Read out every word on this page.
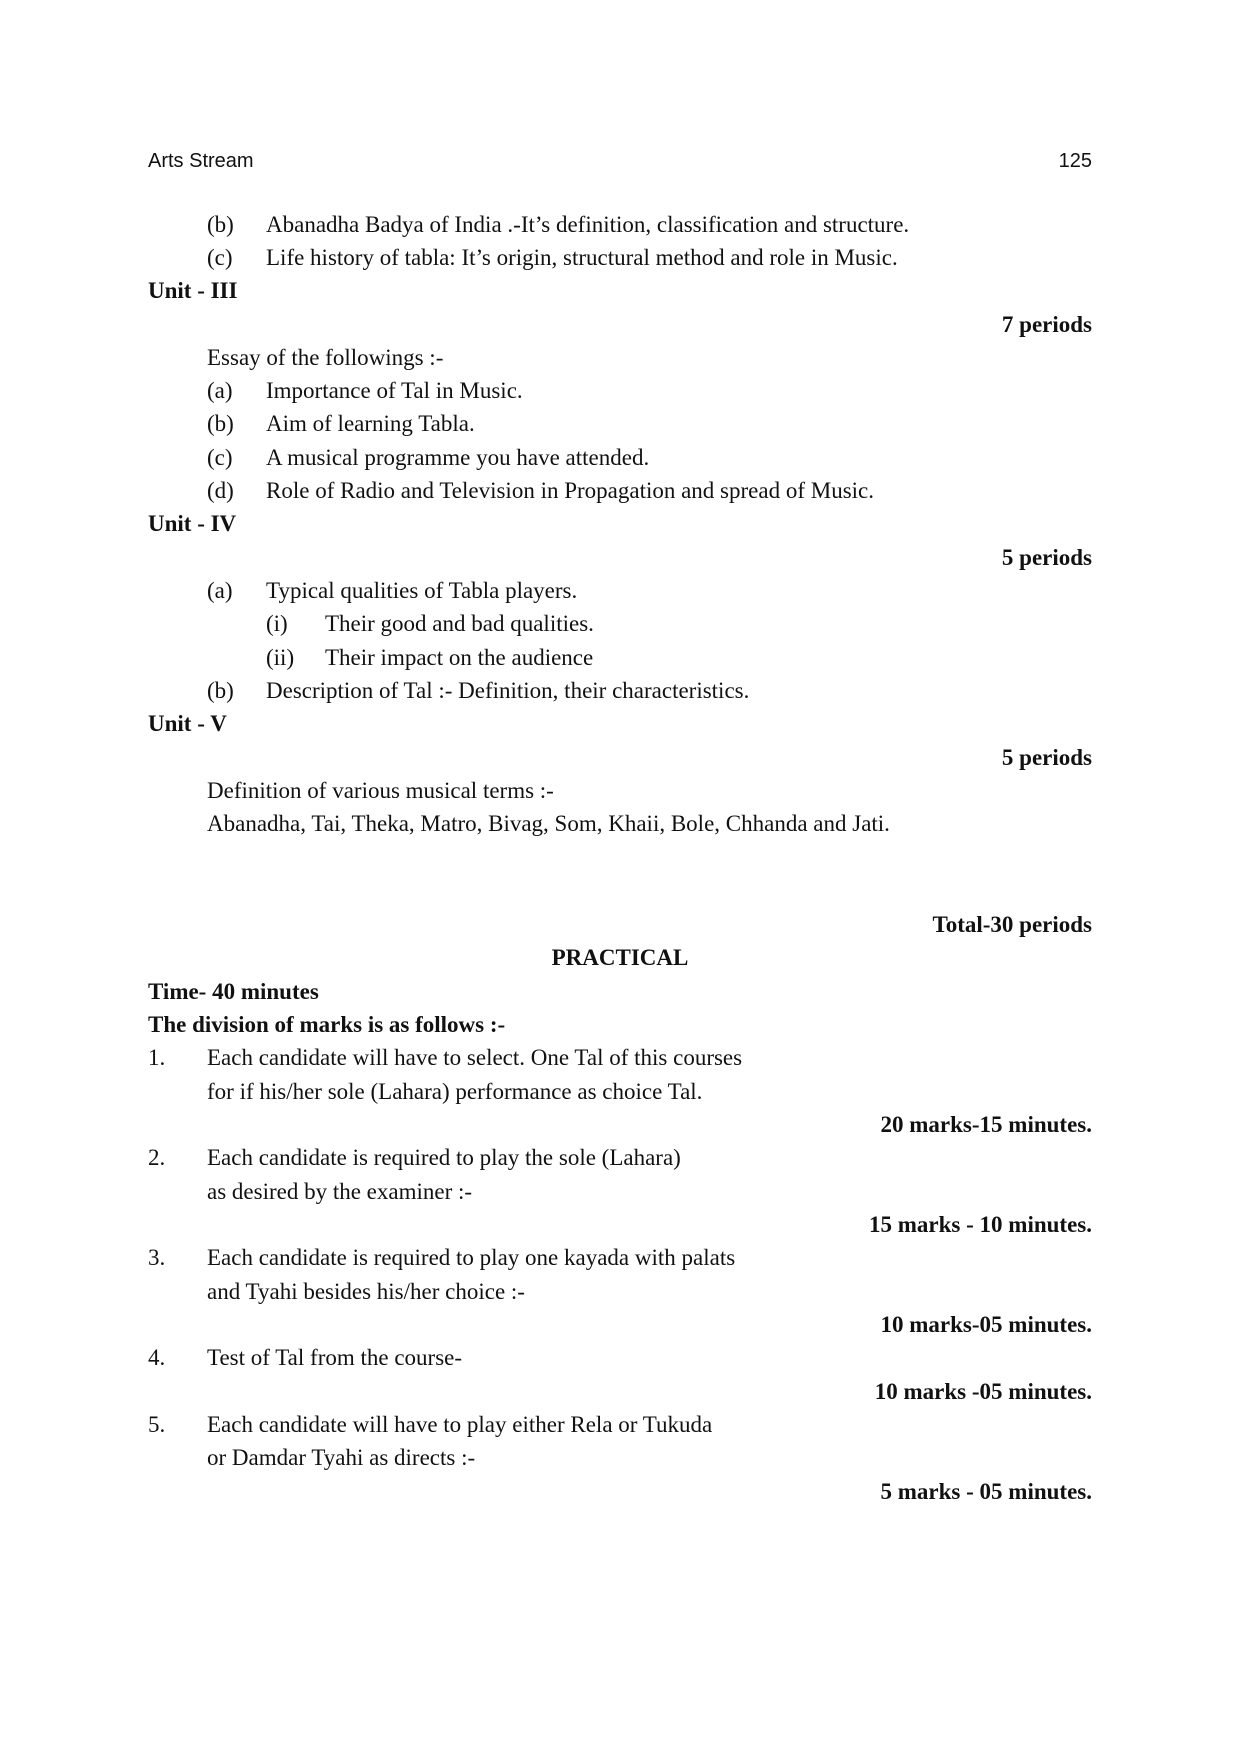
Arts Stream	125
(b) Abanadha Badya of India .-It’s definition, classification and structure.
(c) Life history of tabla: It’s origin, structural method and role in Music.
Unit - III
7 periods
Essay of the followings :-
(a) Importance of Tal in Music.
(b) Aim of learning Tabla.
(c) A musical programme you have attended.
(d) Role of Radio and Television in Propagation and spread of Music.
Unit - IV
5 periods
(a) Typical qualities of Tabla players.
(i) Their good and bad qualities.
(ii) Their impact on the audience
(b) Description of Tal :- Definition, their characteristics.
Unit - V
5 periods
Definition of various musical terms :-
Abanadha, Tai, Theka, Matro, Bivag, Som, Khaii, Bole, Chhanda and Jati.
Total-30 periods
PRACTICAL
Time- 40 minutes
The division of marks is as follows :-
1. Each candidate will have to select. One Tal of this courses
for if his/her sole (Lahara) performance as choice Tal.
20 marks-15 minutes.
2. Each candidate is required to play the sole (Lahara)
as desired by the examiner :-
15 marks - 10 minutes.
3. Each candidate is required to play one kayada with palats
and Tyahi besides his/her choice :-
10 marks-05 minutes.
4. Test of Tal from the course-
10 marks -05 minutes.
5. Each candidate will have to play either Rela or Tukuda
or Damdar Tyahi as directs :-
5 marks - 05 minutes.
